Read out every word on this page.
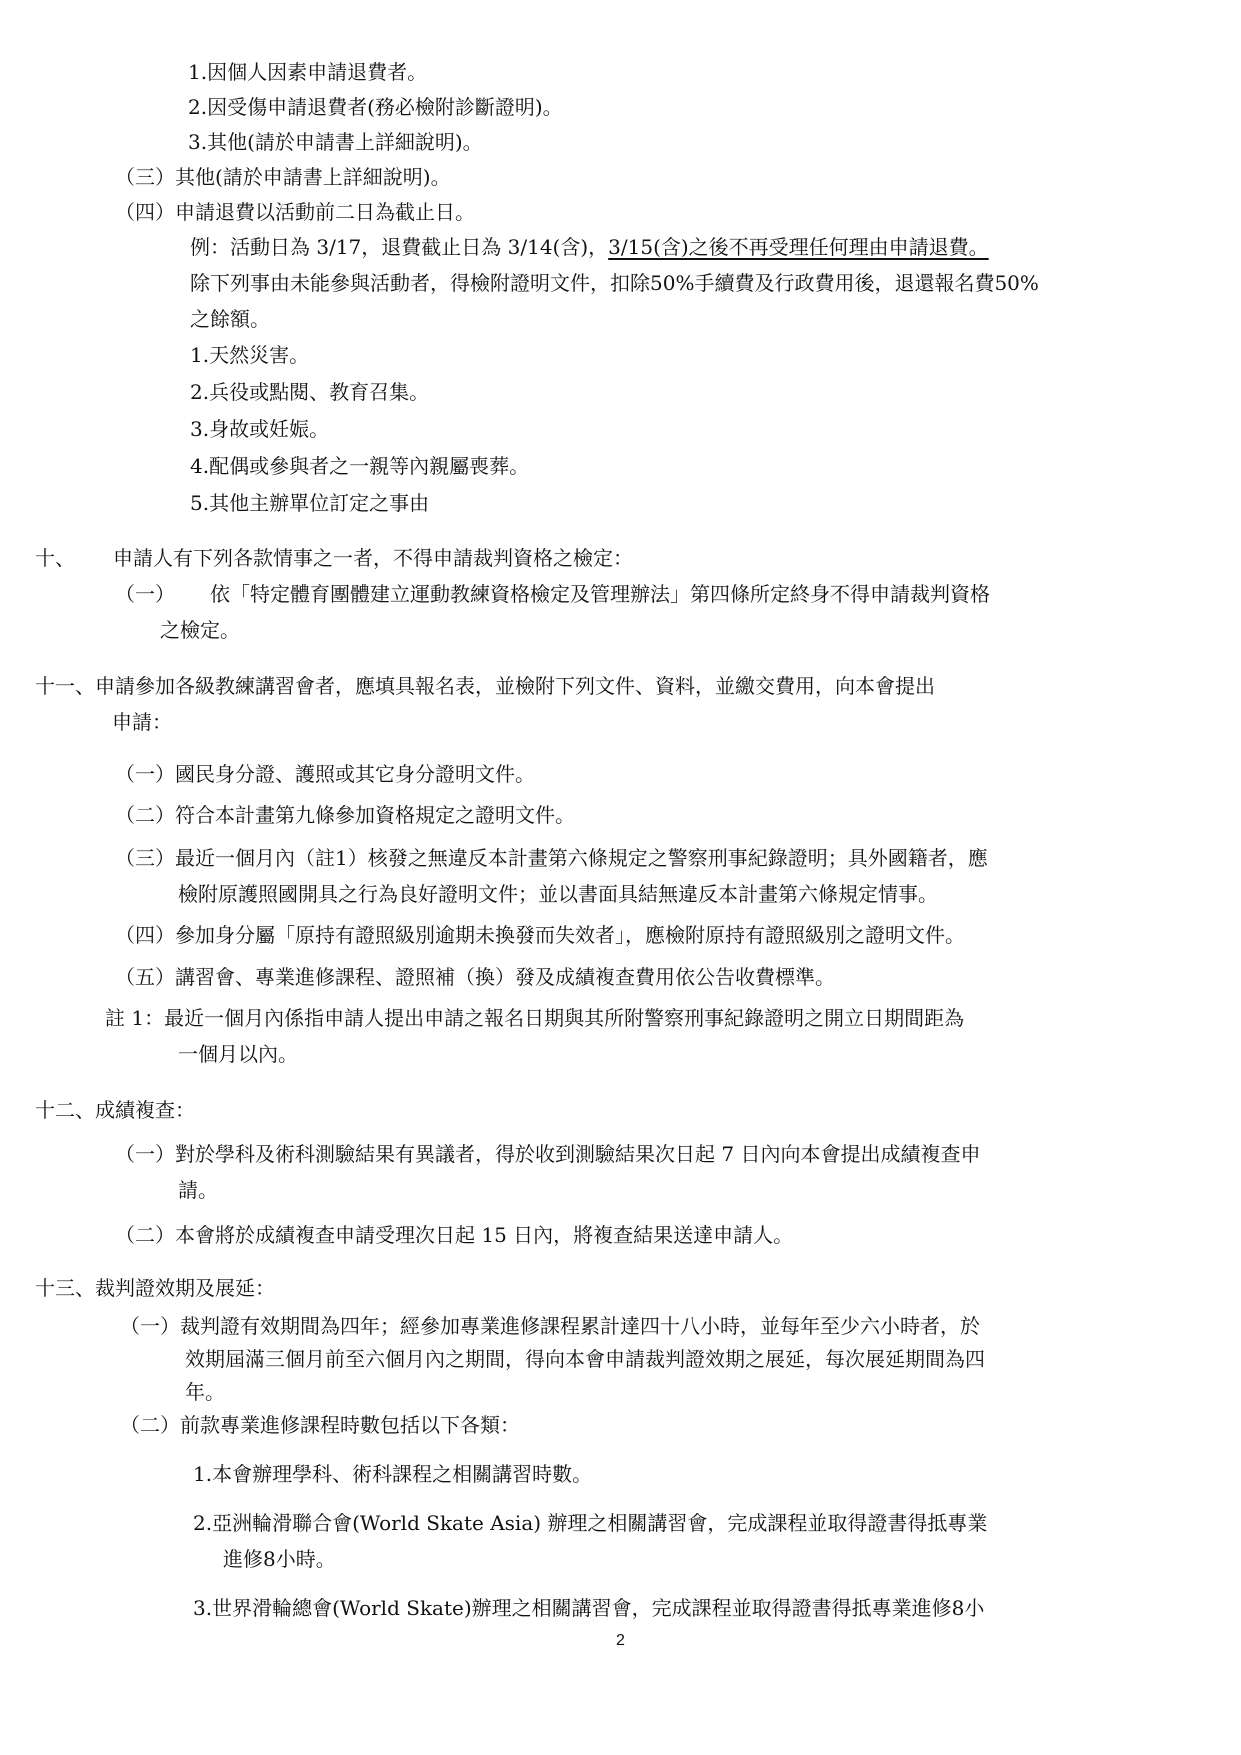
1.因個人因素申請退費者。
2.因受傷申請退費者(務必檢附診斷證明)。
3.其他(請於申請書上詳細說明)。
（三）其他(請於申請書上詳細說明)。
（四）申請退費以活動前二日為截止日。
例：活動日為 3/17，退費截止日為 3/14(含)，3/15(含)之後不再受理任何理由申請退費。
除下列事由未能參與活動者，得檢附證明文件，扣除50%手續費及行政費用後，退還報名費50%
之餘額。
1.天然災害。
2.兵役或點閱、教育召集。
3.身故或妊娠。
4.配偶或參與者之一親等內親屬喪葬。
5.其他主辦單位訂定之事由
十、 申請人有下列各款情事之一者，不得申請裁判資格之檢定：
（一） 依「特定體育團體建立運動教練資格檢定及管理辦法」第四條所定終身不得申請裁判資格
之檢定。
十一、申請參加各級教練講習會者，應填具報名表，並檢附下列文件、資料，並繳交費用，向本會提出
申請：
（一）國民身分證、護照或其它身分證明文件。
（二）符合本計畫第九條參加資格規定之證明文件。
（三）最近一個月內（註1）核發之無違反本計畫第六條規定之警察刑事紀錄證明；具外國籍者，應
檢附原護照國開具之行為良好證明文件；並以書面具結無違反本計畫第六條規定情事。
（四）參加身分屬「原持有證照級別逾期未換發而失效者」，應檢附原持有證照級別之證明文件。
（五）講習會、專業進修課程、證照補（換）發及成績複查費用依公告收費標準。
註 1：最近一個月內係指申請人提出申請之報名日期與其所附警察刑事紀錄證明之開立日期間距為
一個月以內。
十二、成績複查：
（一）對於學科及術科測驗結果有異議者，得於收到測驗結果次日起 7 日內向本會提出成績複查申
請。
（二）本會將於成績複查申請受理次日起 15 日內，將複查結果送達申請人。
十三、裁判證效期及展延：
（一）裁判證有效期間為四年；經參加專業進修課程累計達四十八小時，並每年至少六小時者，於
效期屆滿三個月前至六個月內之期間，得向本會申請裁判證效期之展延，每次展延期間為四
年。
（二）前款專業進修課程時數包括以下各類：
1.本會辦理學科、術科課程之相關講習時數。
2.亞洲輪滑聯合會(World Skate Asia) 辦理之相關講習會，完成課程並取得證書得抵專業
進修8小時。
3.世界滑輪總會(World Skate)辦理之相關講習會，完成課程並取得證書得抵專業進修8小
2
